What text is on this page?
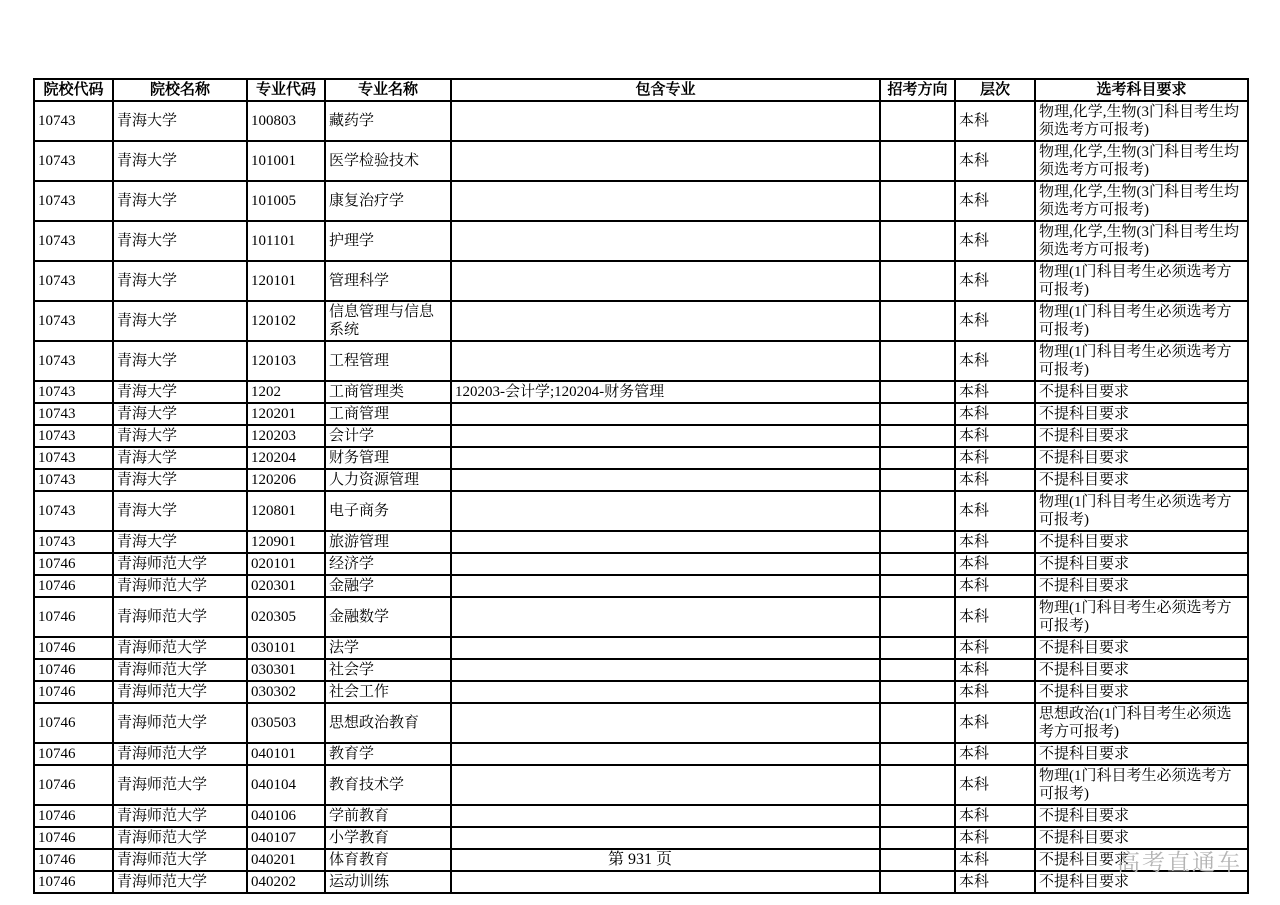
院校代码	院校名称	专业代码	专业名称	包含专业	招考方向	层次	选考科目要求
10743	青海大学	100803	藏药学			本科	物理,化学,生物(3门科目考生均须选考方可报考)
10743	青海大学	101001	医学检验技术			本科	物理,化学,生物(3门科目考生均须选考方可报考)
10743	青海大学	101005	康复治疗学			本科	物理,化学,生物(3门科目考生均须选考方可报考)
10743	青海大学	101101	护理学			本科	物理,化学,生物(3门科目考生均须选考方可报考)
10743	青海大学	120101	管理科学			本科	物理(1门科目考生必须选考方可报考)
10743	青海大学	120102	信息管理与信息系统			本科	物理(1门科目考生必须选考方可报考)
10743	青海大学	120103	工程管理			本科	物理(1门科目考生必须选考方可报考)
10743	青海大学	1202	工商管理类	120203-会计学;120204-财务管理		本科	不提科目要求
10743	青海大学	120201	工商管理			本科	不提科目要求
10743	青海大学	120203	会计学			本科	不提科目要求
10743	青海大学	120204	财务管理			本科	不提科目要求
10743	青海大学	120206	人力资源管理			本科	不提科目要求
10743	青海大学	120801	电子商务			本科	物理(1门科目考生必须选考方可报考)
10743	青海大学	120901	旅游管理			本科	不提科目要求
10746	青海师范大学	020101	经济学			本科	不提科目要求
10746	青海师范大学	020301	金融学			本科	不提科目要求
10746	青海师范大学	020305	金融数学			本科	物理(1门科目考生必须选考方可报考)
10746	青海师范大学	030101	法学			本科	不提科目要求
10746	青海师范大学	030301	社会学			本科	不提科目要求
10746	青海师范大学	030302	社会工作			本科	不提科目要求
10746	青海师范大学	030503	思想政治教育			本科	思想政治(1门科目考生必须选考方可报考)
10746	青海师范大学	040101	教育学			本科	不提科目要求
10746	青海师范大学	040104	教育技术学			本科	物理(1门科目考生必须选考方可报考)
10746	青海师范大学	040106	学前教育			本科	不提科目要求
10746	青海师范大学	040107	小学教育			本科	不提科目要求
10746	青海师范大学	040201	体育教育			本科	不提科目要求
10746	青海师范大学	040202	运动训练			本科	不提科目要求
第 931 页	高考直通车
